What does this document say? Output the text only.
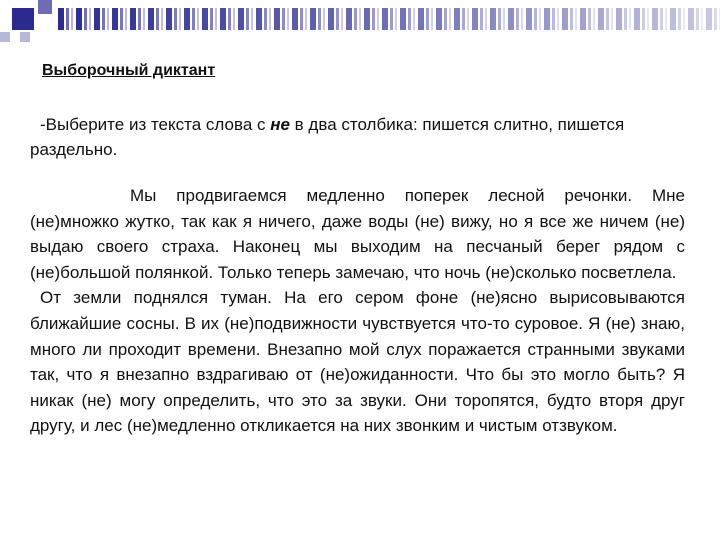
Выборочный диктант

-Выберите из текста слова с не в два столбика: пишется слитно, пишется раздельно.

Мы продвигаемся медленно поперек лесной речонки. Мне (не)множко жутко, так как я ничего, даже воды (не) вижу, но я все же ничем (не) выдаю своего страха. Наконец мы выходим на песчаный берег рядом с (не)большой полянкой. Только теперь замечаю, что ночь (не)сколько посветлела.

От земли поднялся туман. На его сером фоне (не)ясно вырисовываются ближайшие сосны. В их (не)подвижности чувствуется что-то суровое. Я (не) знаю, много ли проходит времени. Внезапно мой слух поражается странными звуками так, что я внезапно вздрагиваю от (не)ожиданности. Что бы это могло быть? Я никак (не) могу определить, что это за звуки. Они торопятся, будто вторя друг другу, и лес (не)медленно откликается на них звонким и чистым отзвуком.
